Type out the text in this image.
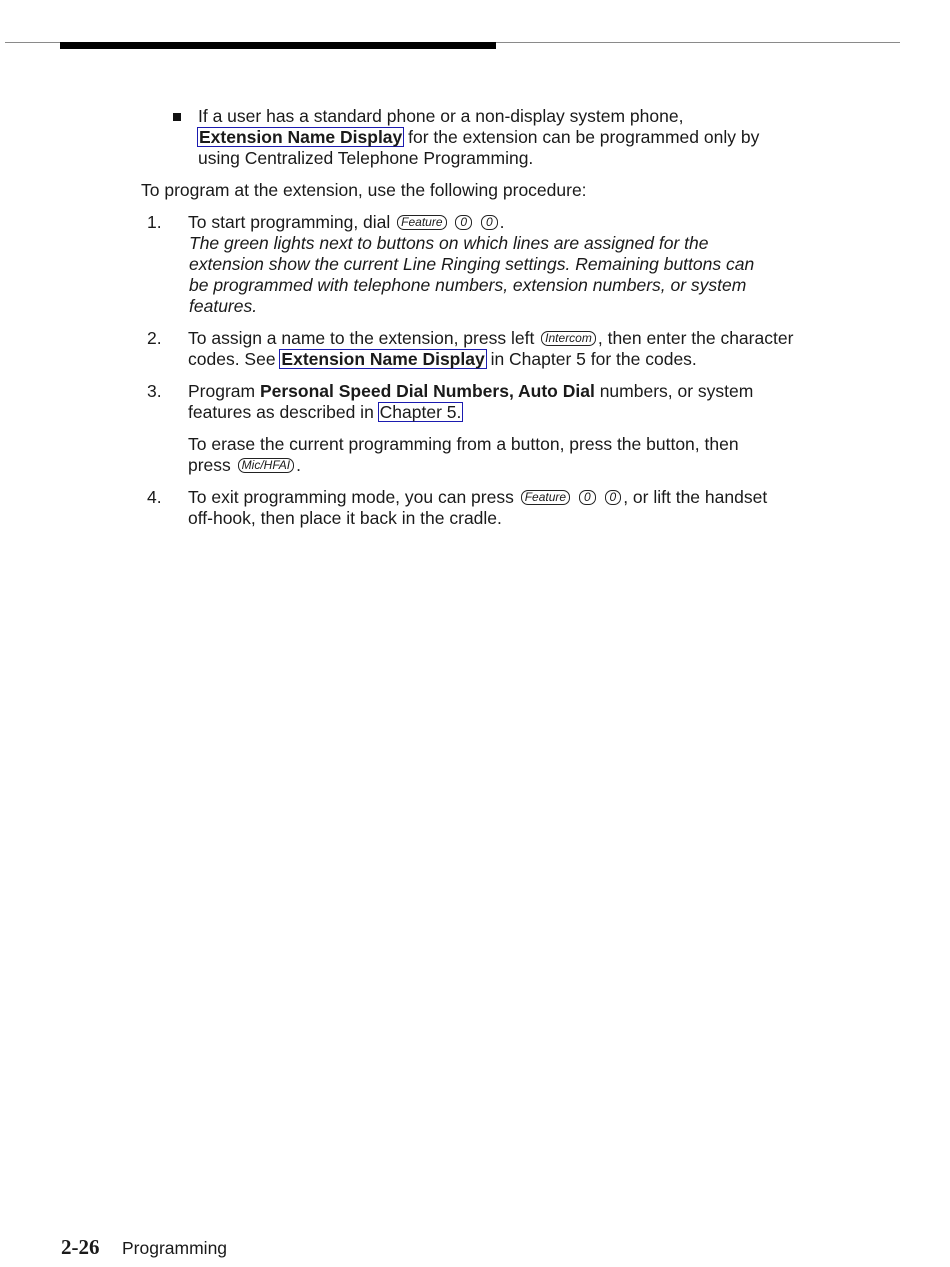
If a user has a standard phone or a non-display system phone,
Extension Name Display for the extension can be programmed only by
using Centralized Telephone Programming.
To program at the extension, use the following procedure:
1. To start programming, dial Feature 0 0 .
The green lights next to buttons on which lines are assigned for the
extension show the current Line Ringing settings. Remaining buttons can
be programmed with telephone numbers, extension numbers, or system
features.
2. To assign a name to the extension, press left Intercom , then enter the character
codes. See Extension Name Display in Chapter 5 for the codes.
3. Program Personal Speed Dial Numbers, Auto Dial numbers, or system
features as described in Chapter 5.
To erase the current programming from a button, press the button, then
press Mic/HFAI .
4. To exit programming mode, you can press Feature 0 0 , or lift the handset
off-hook, then place it back in the cradle.
2-26 Programming
